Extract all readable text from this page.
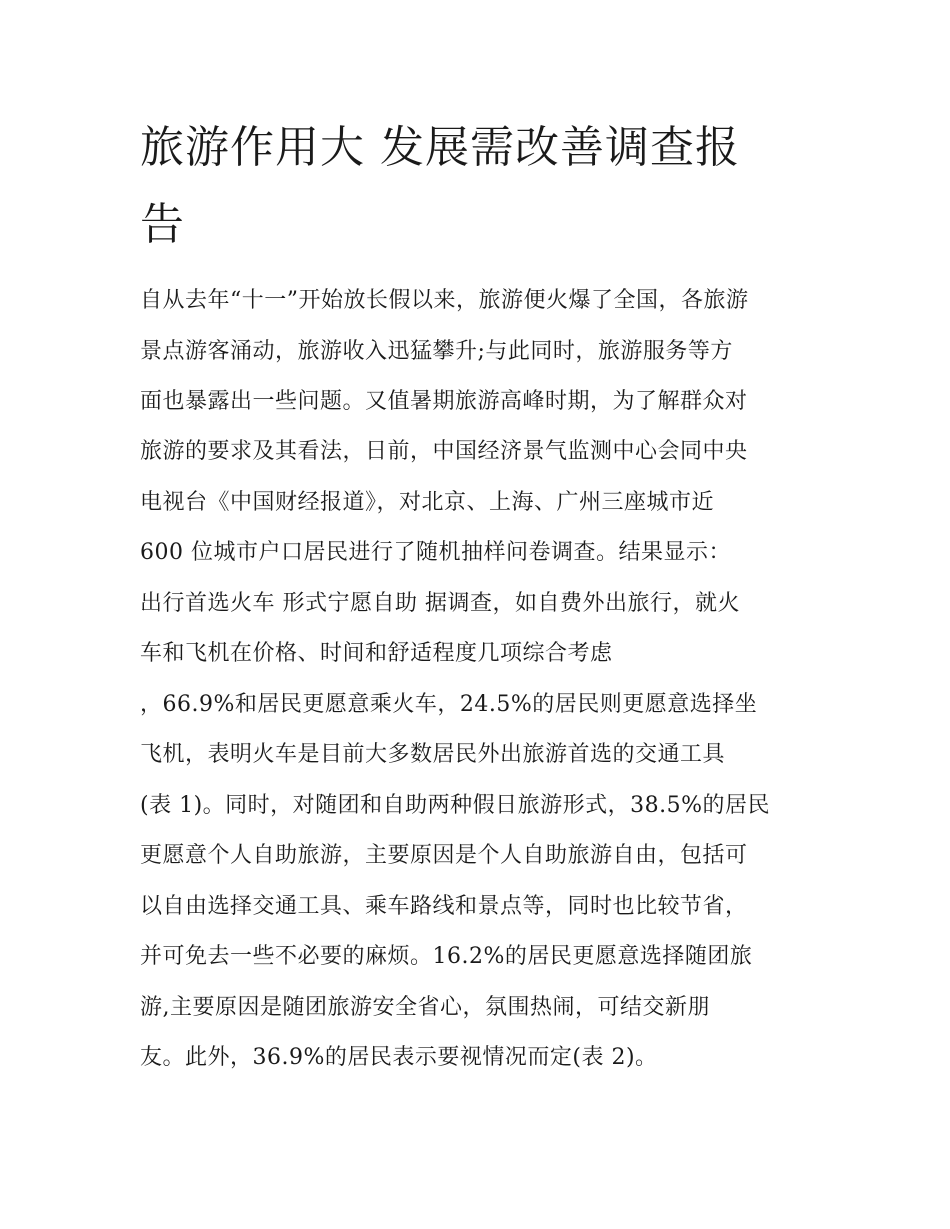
旅游作用大 发展需改善调查报
告

自从去年“十一”开始放长假以来，旅游便火爆了全国，各旅游

景点游客涌动，旅游收入迅猛攀升;与此同时，旅游服务等方

面也暴露出一些问题。又值暑期旅游高峰时期，为了解群众对

旅游的要求及其看法，日前，中国经济景气监测中心会同中央

电视台《中国财经报道》，对北京、上海、广州三座城市近

600 位城市户口居民进行了随机抽样问卷调查。结果显示：

出行首选火车 形式宁愿自助 据调查，如自费外出旅行，就火

车和飞机在价格、时间和舒适程度几项综合考虑

，66.9%和居民更愿意乘火车，24.5%的居民则更愿意选择坐

飞机，表明火车是目前大多数居民外出旅游首选的交通工具

(表 1)。同时，对随团和自助两种假日旅游形式，38.5%的居民

更愿意个人自助旅游，主要原因是个人自助旅游自由，包括可

以自由选择交通工具、乘车路线和景点等，同时也比较节省，

并可免去一些不必要的麻烦。16.2%的居民更愿意选择随团旅

游,主要原因是随团旅游安全省心，氛围热闹，可结交新朋

友。此外，36.9%的居民表示要视情况而定(表 2)。
